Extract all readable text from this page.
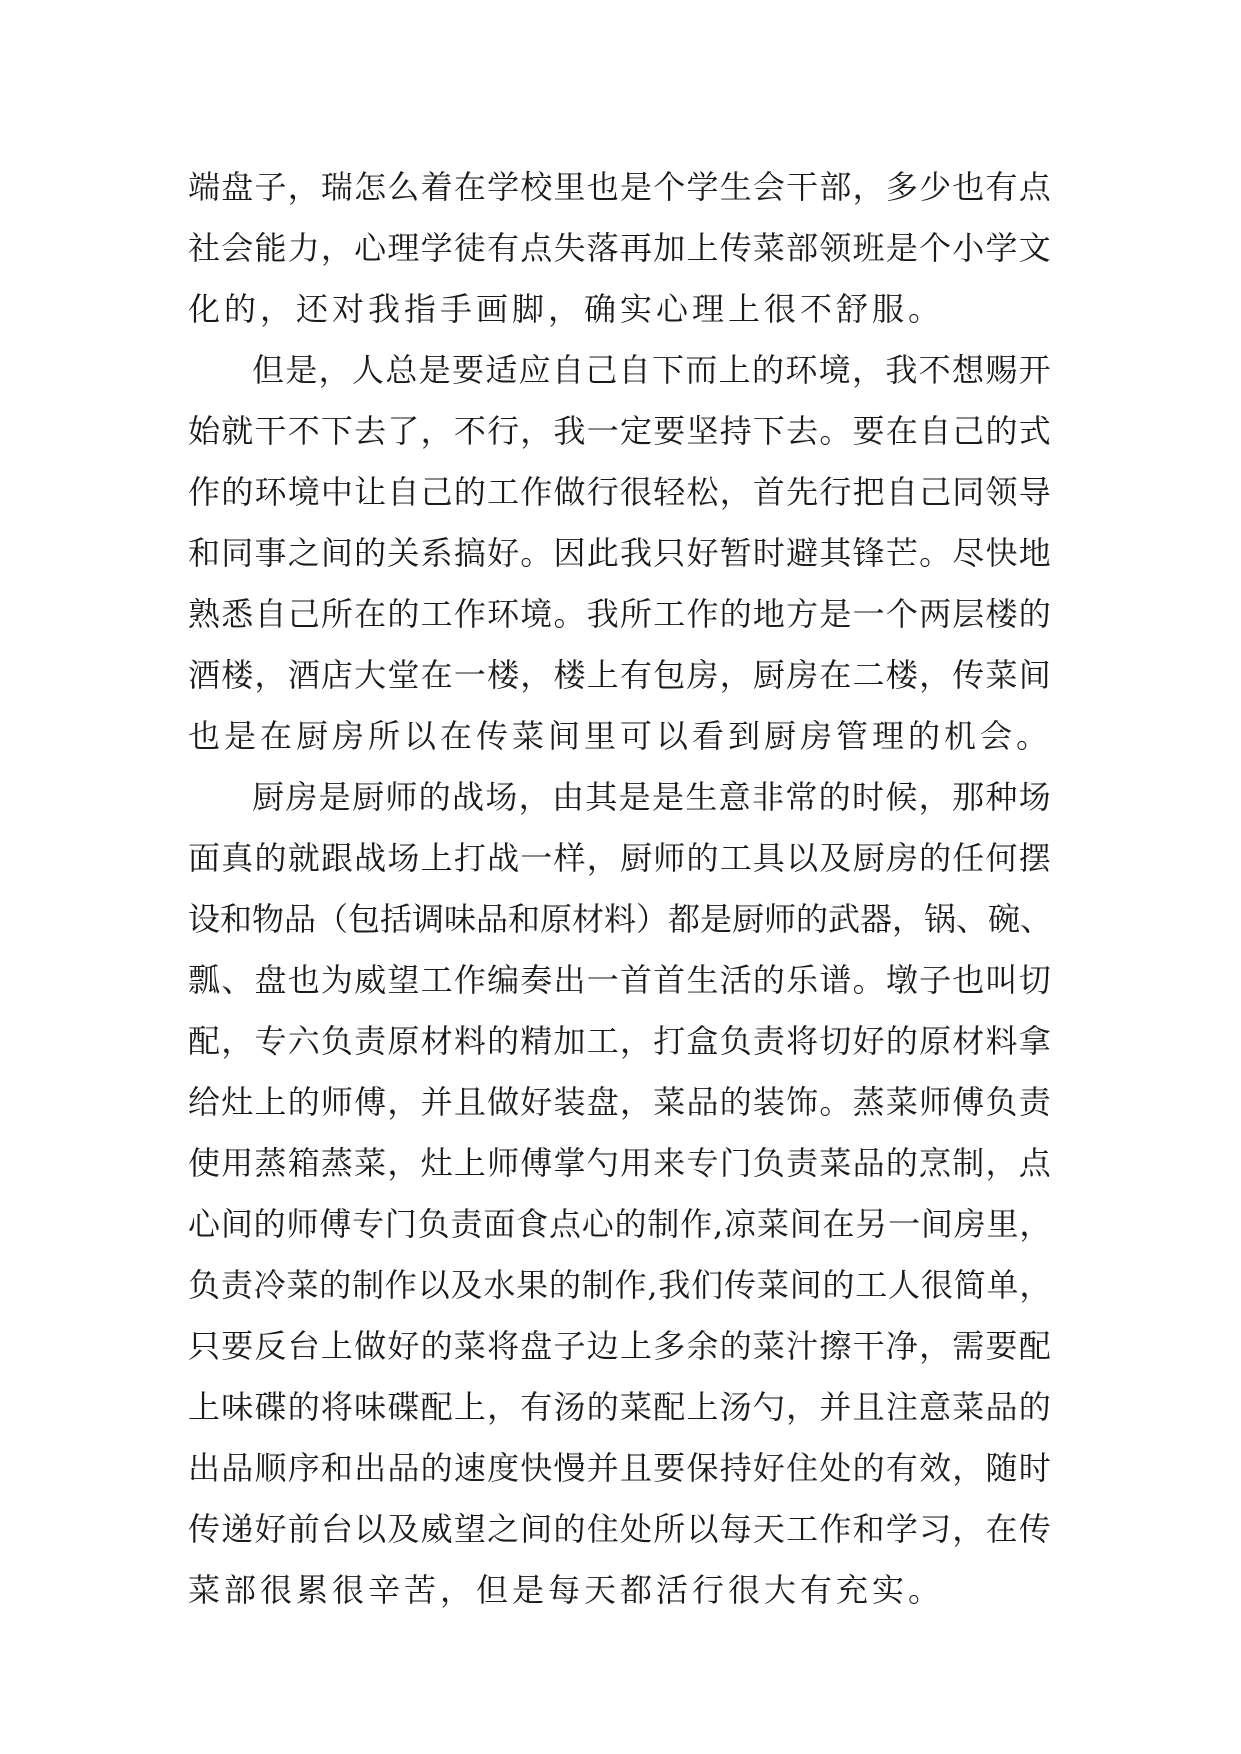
端盘子，瑞怎么着在学校里也是个学生会干部，多少也有点
社会能力，心理学徒有点失落再加上传菜部领班是个小学文
化的，还对我指手画脚，确实心理上很不舒服。
但是，人总是要适应自己自下而上的环境，我不想赐开
始就干不下去了，不行，我一定要坚持下去。要在自己的式
作的环境中让自己的工作做行很轻松，首先行把自己同领导
和同事之间的关系搞好。因此我只好暂时避其锋芒。尽快地
熟悉自己所在的工作环境。我所工作的地方是一个两层楼的
酒楼，酒店大堂在一楼，楼上有包房，厨房在二楼，传菜间
也是在厨房所以在传菜间里可以看到厨房管理的机会。
厨房是厨师的战场，由其是是生意非常的时候，那种场
面真的就跟战场上打战一样，厨师的工具以及厨房的任何摆
设和物品（包括调味品和原材料）都是厨师的武器，锅、碗、
瓢、盘也为威望工作编奏出一首首生活的乐谱。墩子也叫切
配，专六负责原材料的精加工，打盒负责将切好的原材料拿
给灶上的师傅，并且做好装盘，菜品的装饰。蒸菜师傅负责
使用蒸箱蒸菜，灶上师傅掌勺用来专门负责菜品的烹制，点
心间的师傅专门负责面食点心的制作,凉菜间在另一间房里，
负责冷菜的制作以及水果的制作,我们传菜间的工人很简单，
只要反台上做好的菜将盘子边上多余的菜汁擦干净，需要配
上味碟的将味碟配上，有汤的菜配上汤勺，并且注意菜品的
出品顺序和出品的速度快慢并且要保持好住处的有效，随时
传递好前台以及威望之间的住处所以每天工作和学习，在传
菜部很累很辛苦，但是每天都活行很大有充实。
